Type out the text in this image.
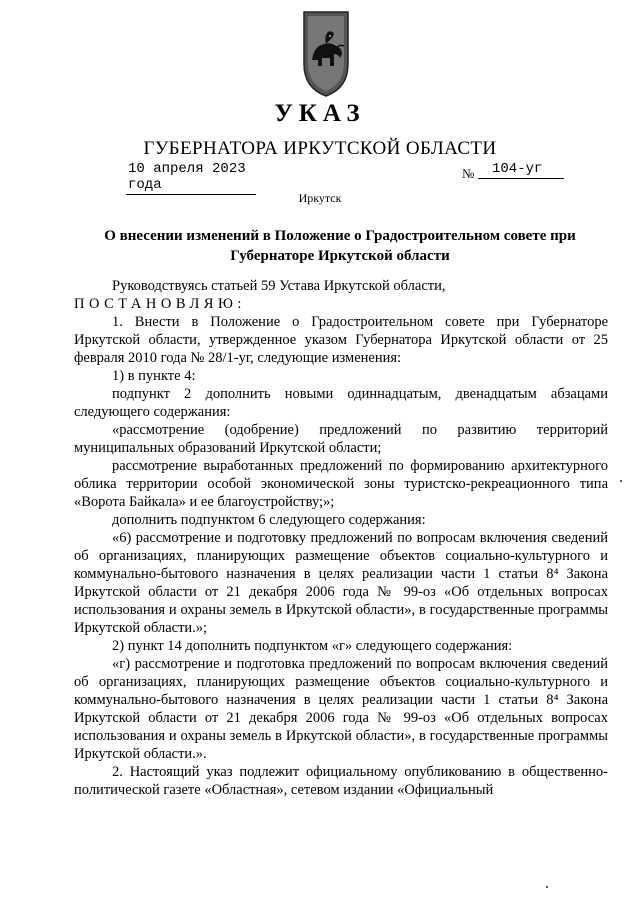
УКАЗ
ГУБЕРНАТОРА ИРКУТСКОЙ ОБЛАСТИ
10 апреля 2023 года
№	104-уг
Иркутск
О внесении изменений в Положение о Градостроительном совете при Губернаторе Иркутской области

Руководствуясь статьей 59 Устава Иркутской области,

ПОСТАНОВЛЯЮ:

1. Внести в Положение о Градостроительном совете при Губернаторе Иркутской области, утвержденное указом Губернатора Иркутской области от 25 февраля 2010 года № 28/1-уг, следующие изменения:

1) в пункте 4:

подпункт 2 дополнить новыми одиннадцатым, двенадцатым абзацами следующего содержания:

«рассмотрение (одобрение) предложений по развитию территорий муниципальных образований Иркутской области;

рассмотрение выработанных предложений по формированию архитектурного облика территории особой экономической зоны туристско-рекреационного типа «Ворота Байкала» и ее благоустройству;»;

дополнить подпунктом 6 следующего содержания:

«6) рассмотрение и подготовку предложений по вопросам включения сведений об организациях, планирующих размещение объектов социально-культурного и коммунально-бытового назначения в целях реализации части 1 статьи 8⁴ Закона Иркутской области от 21 декабря 2006 года № 99-оз «Об отдельных вопросах использования и охраны земель в Иркутской области», в государственные программы Иркутской области.»;

2) пункт 14 дополнить подпунктом «г» следующего содержания:

«г) рассмотрение и подготовка предложений по вопросам включения сведений об организациях, планирующих размещение объектов социально-культурного и коммунально-бытового назначения в целях реализации части 1 статьи 8⁴ Закона Иркутской области от 21 декабря 2006 года № 99-оз «Об отдельных вопросах использования и охраны земель в Иркутской области», в государственные программы Иркутской области.».

2. Настоящий указ подлежит официальному опубликованию в общественно-политической газете «Областная», сетевом издании «Официальный
